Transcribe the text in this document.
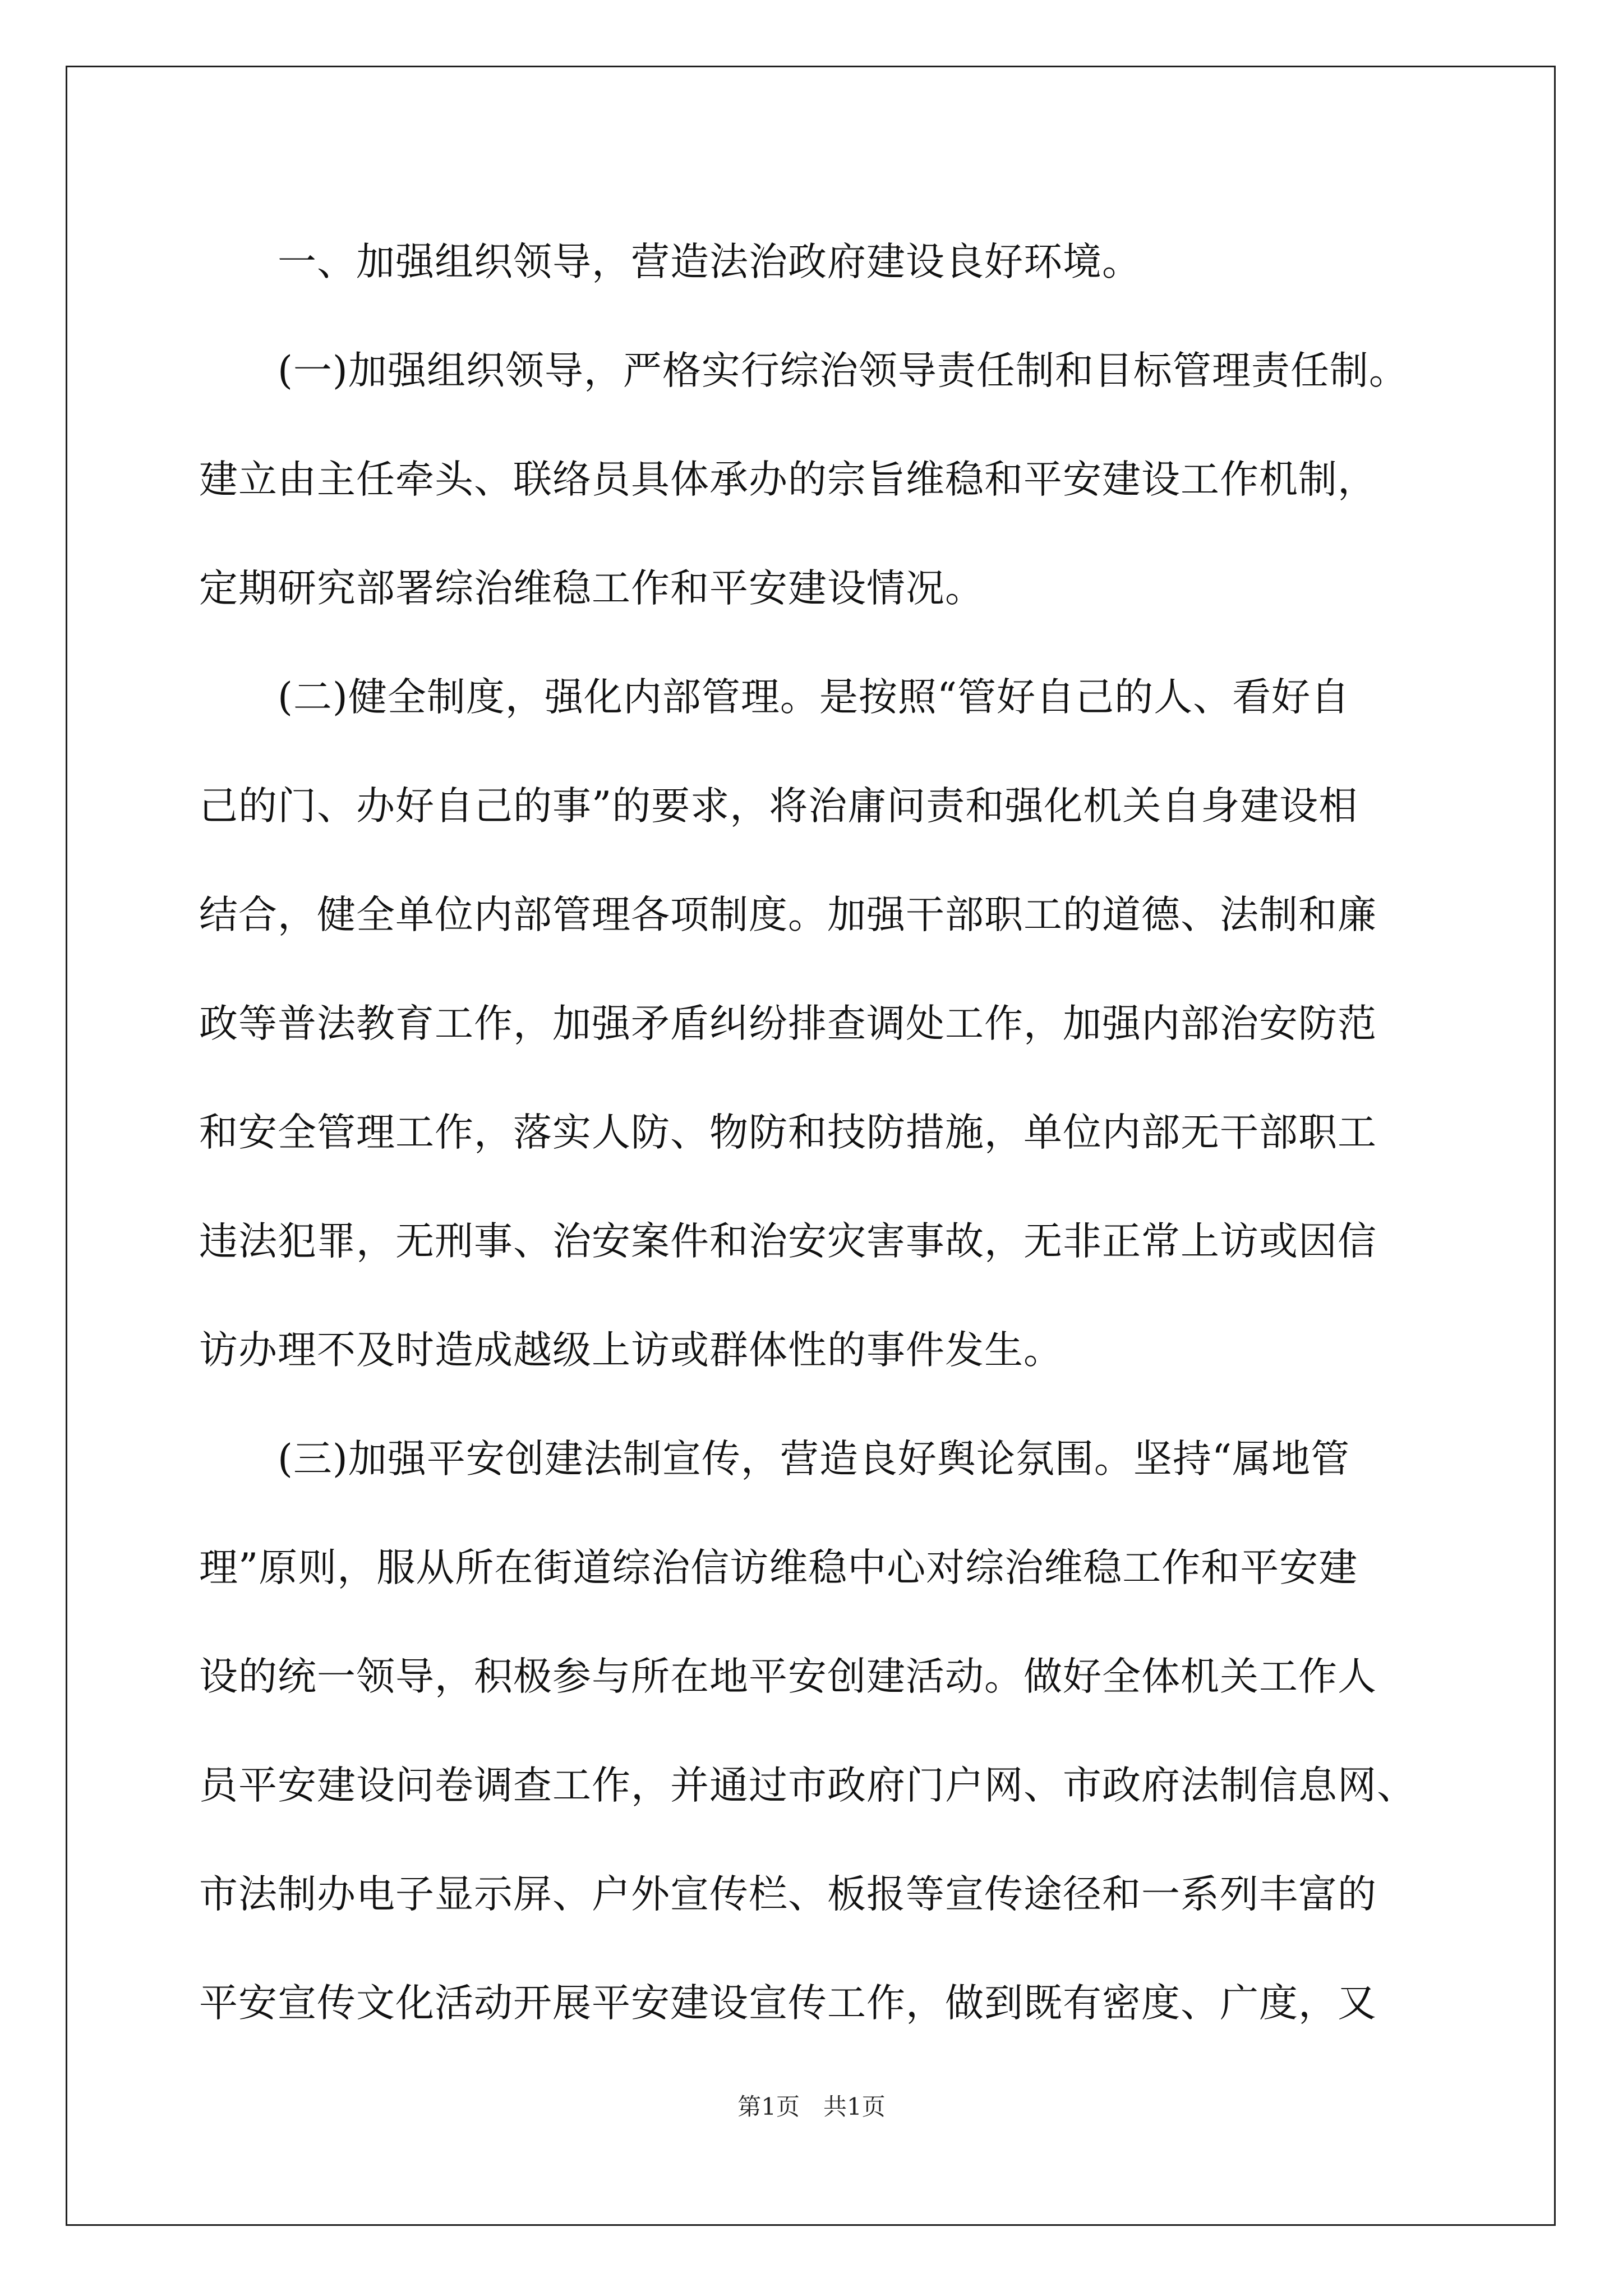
一、加强组织领导，营造法治政府建设良好环境。

(一)加强组织领导，严格实行综治领导责任制和目标管理责任制。
建立由主任牵头、联络员具体承办的宗旨维稳和平安建设工作机制，
定期研究部署综治维稳工作和平安建设情况。

(二)健全制度，强化内部管理。是按照“管好自己的人、看好自
己的门、办好自己的事”的要求，将治庸问责和强化机关自身建设相
结合，健全单位内部管理各项制度。加强干部职工的道德、法制和廉
政等普法教育工作，加强矛盾纠纷排查调处工作，加强内部治安防范
和安全管理工作，落实人防、物防和技防措施，单位内部无干部职工
违法犯罪，无刑事、治安案件和治安灾害事故，无非正常上访或因信
访办理不及时造成越级上访或群体性的事件发生。

(三)加强平安创建法制宣传，营造良好舆论氛围。坚持“属地管
理”原则，服从所在街道综治信访维稳中心对综治维稳工作和平安建
设的统一领导，积极参与所在地平安创建活动。做好全体机关工作人
员平安建设问卷调查工作，并通过市政府门户网、市政府法制信息网、
市法制办电子显示屏、户外宣传栏、板报等宣传途径和一系列丰富的
平安宣传文化活动开展平安建设宣传工作，做到既有密度、广度，又

第1页　共1页
